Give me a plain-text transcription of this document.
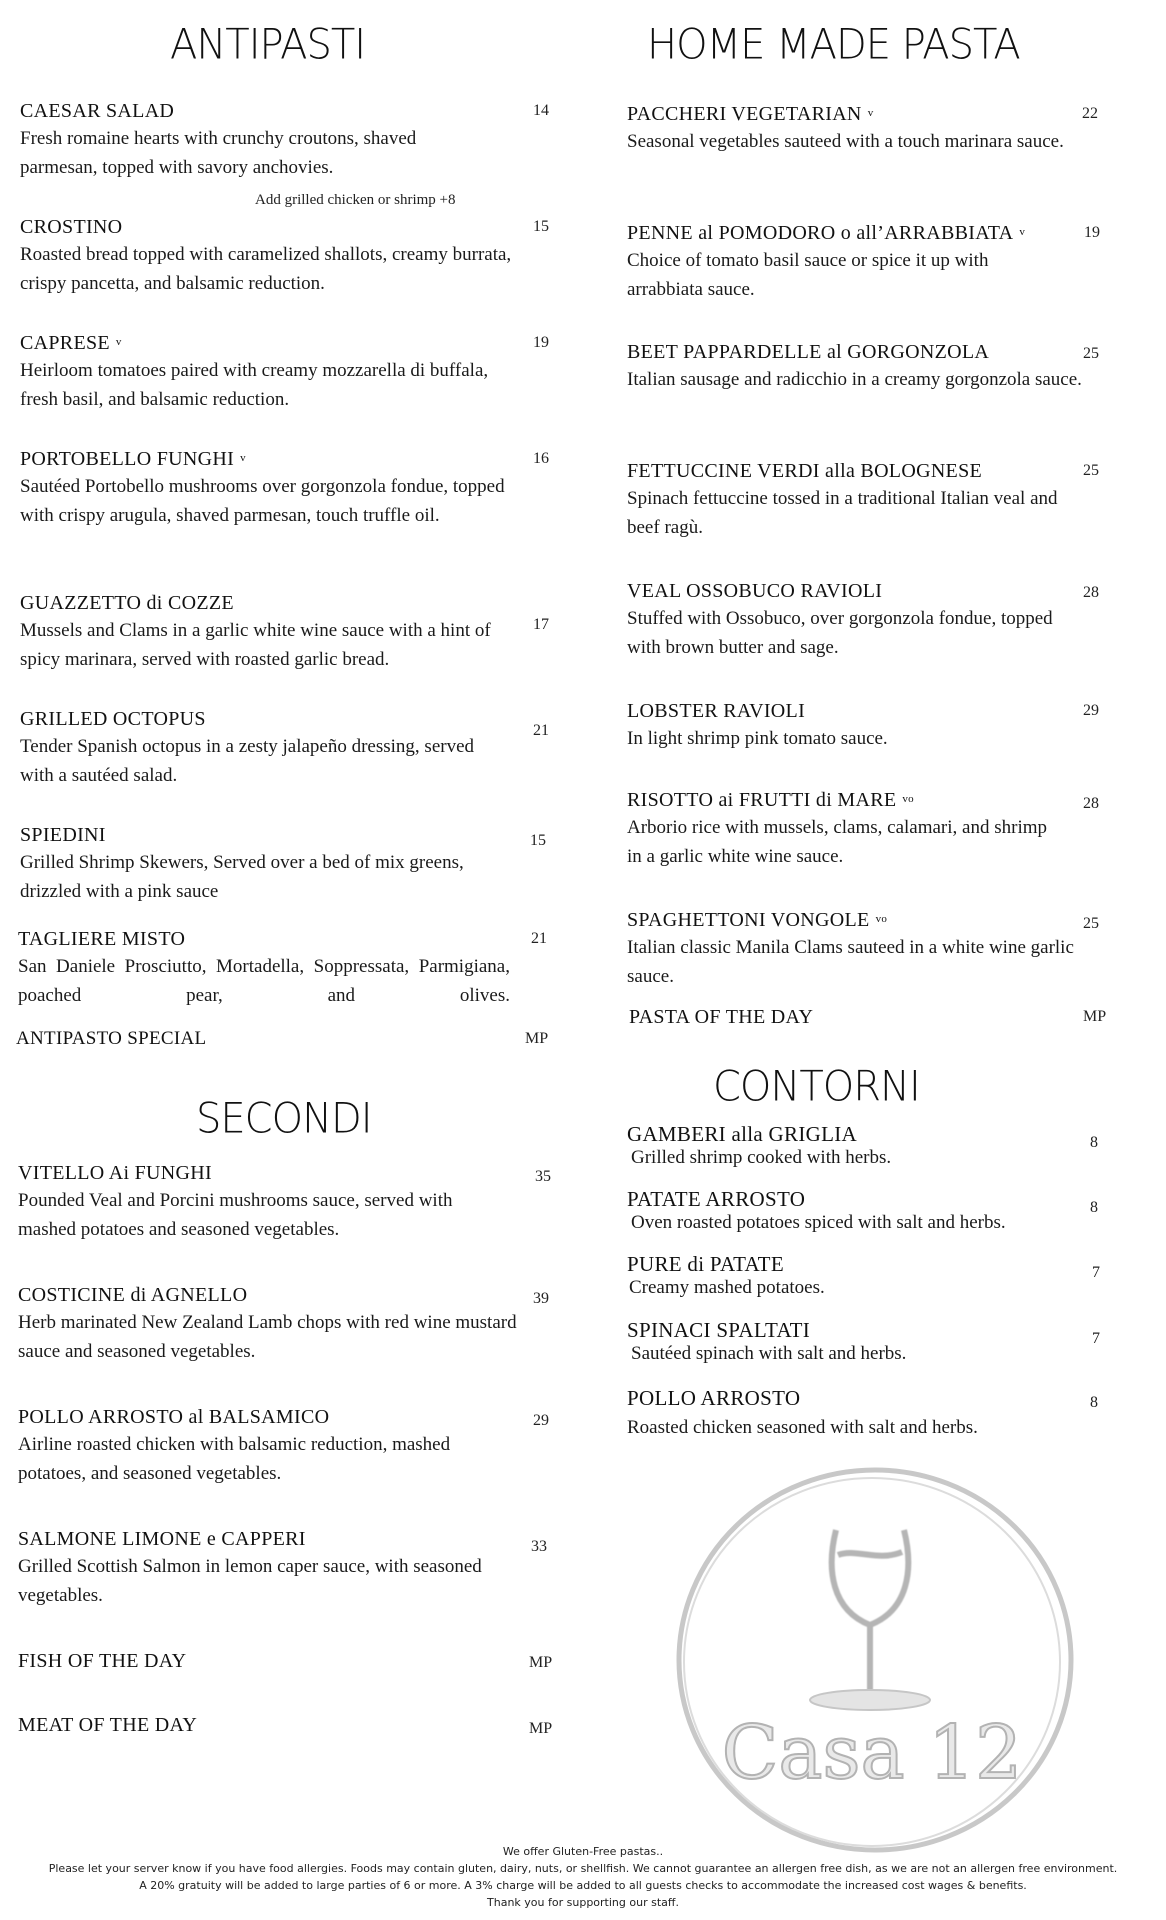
ANTIPASTI
CAESAR SALAD
Fresh romaine hearts with crunchy croutons, shaved parmesan, topped with savory anchovies.
14
Add grilled chicken or shrimp +8
CROSTINO
Roasted bread topped with caramelized shallots, creamy burrata, crispy pancetta, and balsamic reduction.
15
CAPRESE $^v$
Heirloom tomatoes paired with creamy mozzarella di buffala, fresh basil, and balsamic reduction.
19
PORTOBELLO FUNGHI $^v$
Sautéed Portobello mushrooms over gorgonzola fondue, topped with crispy arugula, shaved parmesan, touch truffle oil.
16
GUAZZETTO di COZZE
Mussels and Clams in a garlic white wine sauce with a hint of spicy marinara, served with roasted garlic bread.
17
GRILLED OCTOPUS
Tender Spanish octopus in a zesty jalapeño dressing, served with a sautéed salad.
21
SPIEDINI
Grilled Shrimp Skewers, Served over a bed of mix greens, drizzled with a pink sauce
15
TAGLIERE MISTO
San Daniele Prosciutto, Mortadella, Soppressata, Parmigiana, poached pear, and olives.
21
ANTIPASTO SPECIAL	MP
SECONDI
VITELLO Ai FUNGHI
Pounded Veal and Porcini mushrooms sauce, served with mashed potatoes and seasoned vegetables.
35
COSTICINE di AGNELLO
Herb marinated New Zealand Lamb chops with red wine mustard sauce and seasoned vegetables.
39
POLLO ARROSTO al BALSAMICO
Airline roasted chicken with balsamic reduction, mashed potatoes, and seasoned vegetables.
29
SALMONE LIMONE e CAPPERI
Grilled Scottish Salmon in lemon caper sauce, with seasoned vegetables.
33
FISH OF THE DAY	MP
MEAT OF THE DAY	MP
HOME MADE PASTA
PACCHERI VEGETARIAN $^v$
Seasonal vegetables sauteed with a touch marinara sauce.
22
PENNE al POMODORO o all’ARRABBIATA $^v$
Choice of tomato basil sauce or spice it up with arrabbiata sauce.
19
BEET PAPPARDELLE al GORGONZOLA
Italian sausage and radicchio in a creamy gorgonzola sauce.
25
FETTUCCINE VERDI alla BOLOGNESE
Spinach fettuccine tossed in a traditional Italian veal and beef ragù.
25
VEAL OSSOBUCO RAVIOLI
Stuffed with Ossobuco, over gorgonzola fondue, topped with brown butter and sage.
28
LOBSTER RAVIOLI
In light shrimp pink tomato sauce.
29
RISOTTO ai FRUTTI di MARE $^{vo}$
Arborio rice with mussels, clams, calamari, and shrimp in a garlic white wine sauce.
28
SPAGHETTONI VONGOLE $^{vo}$
Italian classic Manila Clams sauteed in a white wine garlic sauce.
25
PASTA OF THE DAY	MP
CONTORNI
GAMBERI alla GRIGLIA
Grilled shrimp cooked with herbs.
8
PATATE ARROSTO
Oven roasted potatoes spiced with salt and herbs.
8
PURE di PATATE
Creamy mashed potatoes.
7
SPINACI SPALTATI
Sautéed spinach with salt and herbs.
7
POLLO ARROSTO
Roasted chicken seasoned with salt and herbs.
8
Casa 12
We offer Gluten-Free pastas..
Please let your server know if you have food allergies. Foods may contain gluten, dairy, nuts, or shellfish. We cannot guarantee an allergen free dish, as we are not an allergen free environment.
A 20% gratuity will be added to large parties of 6 or more. A 3% charge will be added to all guests checks to accommodate the increased cost wages & benefits.
Thank you for supporting our staff.
